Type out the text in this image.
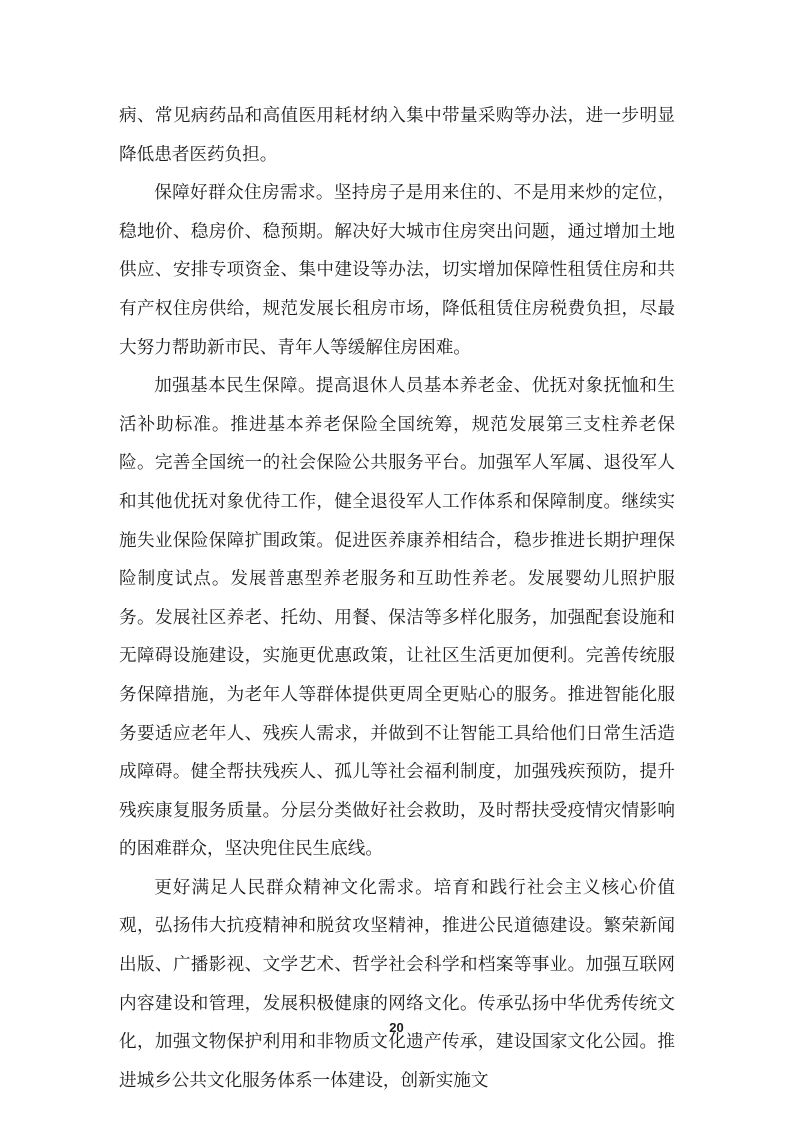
病、常见病药品和高值医用耗材纳入集中带量采购等办法，进一步明显降低患者医药负担。

保障好群众住房需求。坚持房子是用来住的、不是用来炒的定位，稳地价、稳房价、稳预期。解决好大城市住房突出问题，通过增加土地供应、安排专项资金、集中建设等办法，切实增加保障性租赁住房和共有产权住房供给，规范发展长租房市场，降低租赁住房税费负担，尽最大努力帮助新市民、青年人等缓解住房困难。

加强基本民生保障。提高退休人员基本养老金、优抚对象抚恤和生活补助标准。推进基本养老保险全国统筹，规范发展第三支柱养老保险。完善全国统一的社会保险公共服务平台。加强军人军属、退役军人和其他优抚对象优待工作，健全退役军人工作体系和保障制度。继续实施失业保险保障扩围政策。促进医养康养相结合，稳步推进长期护理保险制度试点。发展普惠型养老服务和互助性养老。发展婴幼儿照护服务。发展社区养老、托幼、用餐、保洁等多样化服务，加强配套设施和无障碍设施建设，实施更优惠政策，让社区生活更加便利。完善传统服务保障措施，为老年人等群体提供更周全更贴心的服务。推进智能化服务要适应老年人、残疾人需求，并做到不让智能工具给他们日常生活造成障碍。健全帮扶残疾人、孤儿等社会福利制度，加强残疾预防，提升残疾康复服务质量。分层分类做好社会救助，及时帮扶受疫情灾情影响的困难群众，坚决兜住民生底线。

更好满足人民群众精神文化需求。培育和践行社会主义核心价值观，弘扬伟大抗疫精神和脱贫攻坚精神，推进公民道德建设。繁荣新闻出版、广播影视、文学艺术、哲学社会科学和档案等事业。加强互联网内容建设和管理，发展积极健康的网络文化。传承弘扬中华优秀传统文化，加强文物保护利用和非物质文化遗产传承，建设国家文化公园。推进城乡公共文化服务体系一体建设，创新实施文

20
